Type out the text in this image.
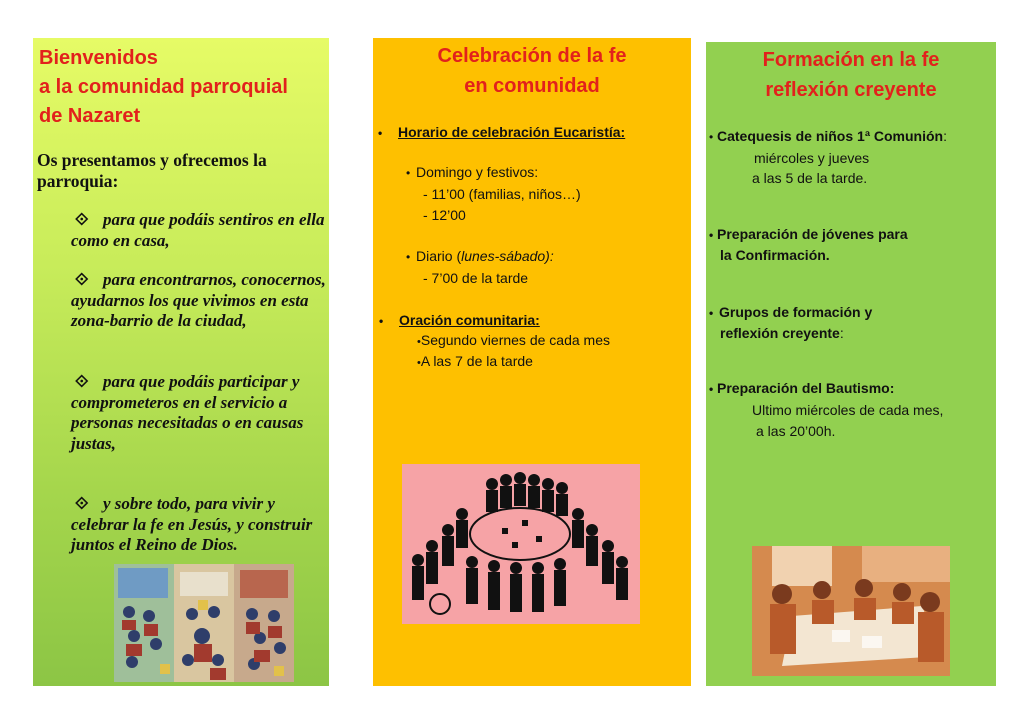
Bienvenidos
a la comunidad parroquial
de Nazaret
Os presentamos y ofrecemos la parroquia:
⟐ para que podáis sentiros en ella como en casa,
⟐ para encontrarnos, conocernos, ayudarnos los que vivimos en esta zona-barrio de la ciudad,
⟐ para que podáis participar y comprometeros en el servicio a personas necesitadas o en causas justas,
⟐ y sobre todo, para vivir y celebrar la fe en Jesús, y construir juntos el Reino de Dios.
Celebración de la fe
en comunidad
• Horario de celebración Eucaristía:
• Domingo y festivos:
- 11’00 (familias, niños…)
- 12’00
• Diario (lunes-sábado):
- 7’00 de la tarde
• Oración comunitaria:
•Segundo viernes de cada mes
•A las 7 de la tarde
Formación en la fe
reflexión creyente
• Catequesis de niños 1ª Comunión:
miércoles y jueves
a las 5 de la tarde.
• Preparación de jóvenes para
la Confirmación.
• Grupos de formación y
reflexión creyente:
• Preparación del Bautismo:
Ultimo miércoles de cada mes,
a las 20’00h.
